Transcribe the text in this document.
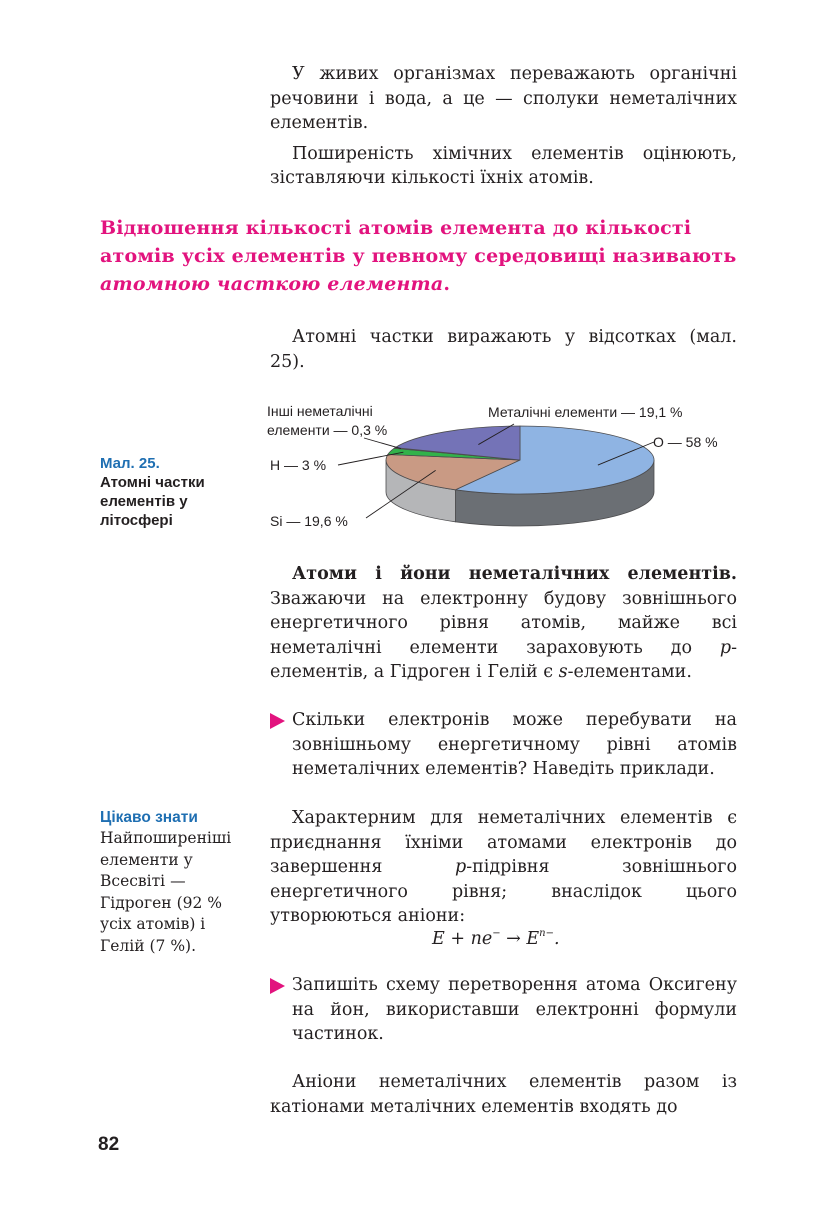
У живих організмах переважають органічні речовини і вода, а це — сполуки неметалічних елементів.

Поширеність хімічних елементів оцінюють, зіставляючи кількості їхніх атомів.

Відношення кількості атомів елемента до кількості атомів усіх елементів у певному середовищі називають атомною часткою елемента.

Атомні частки виражають у відсотках (мал. 25).

Мал. 25.
Атомні частки елементів у літосфері
Інші неметалічні
елементи — 0,3 %
Металічні елементи — 19,1 %
O — 58 %
H — 3 %
Si — 19,6 %

Атоми і йони неметалічних елементів. Зважаючи на електронну будову зовнішнього енергетичного рівня атомів, майже всі неметалічні елементи зараховують до p-елементів, а Гідроген і Гелій є s-елементами.

Скільки електронів може перебувати на зовнішньому енергетичному рівні атомів неметалічних елементів? Наведіть приклади.
Цікаво знати
Найпоширеніші елементи у Всесвіті — Гідроген (92 % усіх атомів) і Гелій (7 %).

Характерним для неметалічних елементів є приєднання їхніми атомами електронів до завершення p-підрівня зовнішнього енергетичного рівня; внаслідок цього утворюються аніони:

$E + ne^- \to E^{n-}$.
Запишіть схему перетворення атома Оксигену на йон, використавши електронні формули частинок.

Аніони неметалічних елементів разом із катіонами металічних елементів входять до

82
